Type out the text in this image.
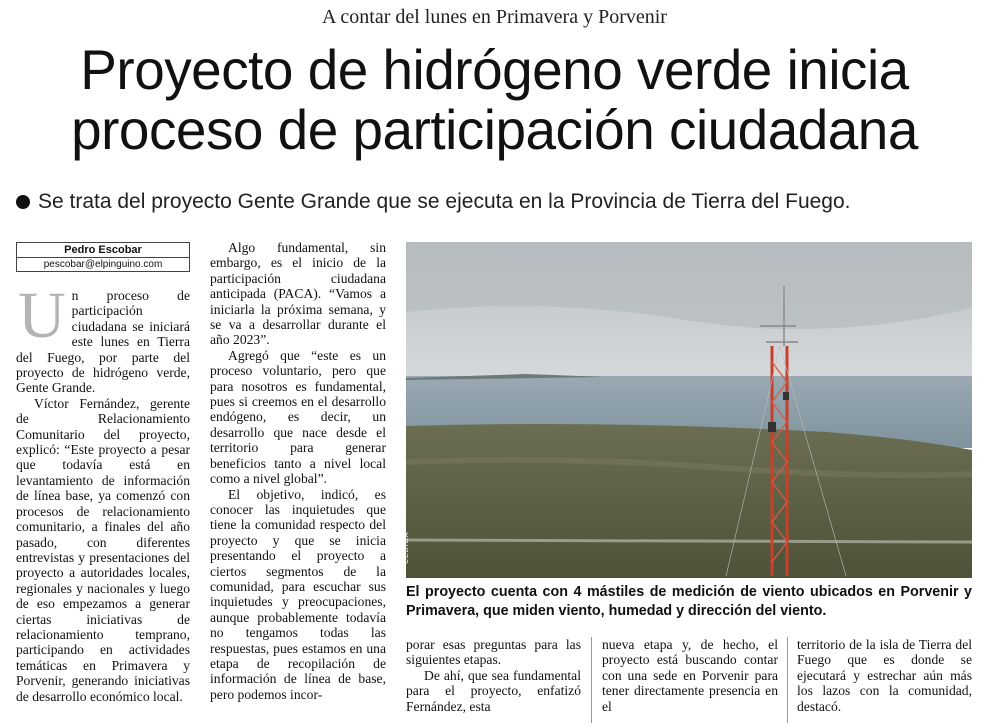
A contar del lunes en Primavera y Porvenir
Proyecto de hidrógeno verde inicia proceso de participación ciudadana
Se trata del proyecto Gente Grande que se ejecuta en la Provincia de Tierra del Fuego.
Pedro Escobar
pescobar@elpinguino.com
U n proceso de participación ciudadana se iniciará este lunes en Tierra del Fuego, por parte del proyecto de hidrógeno verde, Gente Grande.

Víctor Fernández, gerente de Relacionamiento Comunitario del proyecto, explicó: “Este proyecto a pesar que todavía está en levantamiento de información de línea base, ya comenzó con procesos de relacionamiento comunitario, a finales del año pasado, con diferentes entrevistas y presentaciones del proyecto a autoridades locales, regionales y nacionales y luego de eso empezamos a generar ciertas iniciativas de relacionamiento temprano, participando en actividades temáticas en Primavera y Porvenir, generando iniciativas de desarrollo económico local.

Algo fundamental, sin embargo, es el inicio de la participación ciudadana anticipada (PACA). “Vamos a iniciarla la próxima semana, y se va a desarrollar durante el año 2023”.

Agregó que “este es un proceso voluntario, pero que para nosotros es fundamental, pues si creemos en el desarrollo endógeno, es decir, un desarrollo que nace desde el territorio para generar beneficios tanto a nivel local como a nivel global”.

El objetivo, indicó, es conocer las inquietudes que tiene la comunidad respecto del proyecto y que se inicia presentando el proyecto a ciertos segmentos de la comunidad, para escuchar sus inquietudes y preocupaciones, aunque probablemente todavía no tengamos todas las respuestas, pues estamos en una etapa de recopilación de información de línea de base, pero podemos incor-

CEDIDA
El proyecto cuenta con 4 mástiles de medición de viento ubicados en Porvenir y Primavera, que miden viento, humedad y dirección del viento.

porar esas preguntas para las siguientes etapas.

De ahí, que sea fundamental para el proyecto, enfatizó Fernández, esta

nueva etapa y, de hecho, el proyecto está buscando contar con una sede en Porvenir para tener directamente presencia en el

territorio de la isla de Tierra del Fuego que es donde se ejecutará y estrechar aún más los lazos con la comunidad, destacó.
